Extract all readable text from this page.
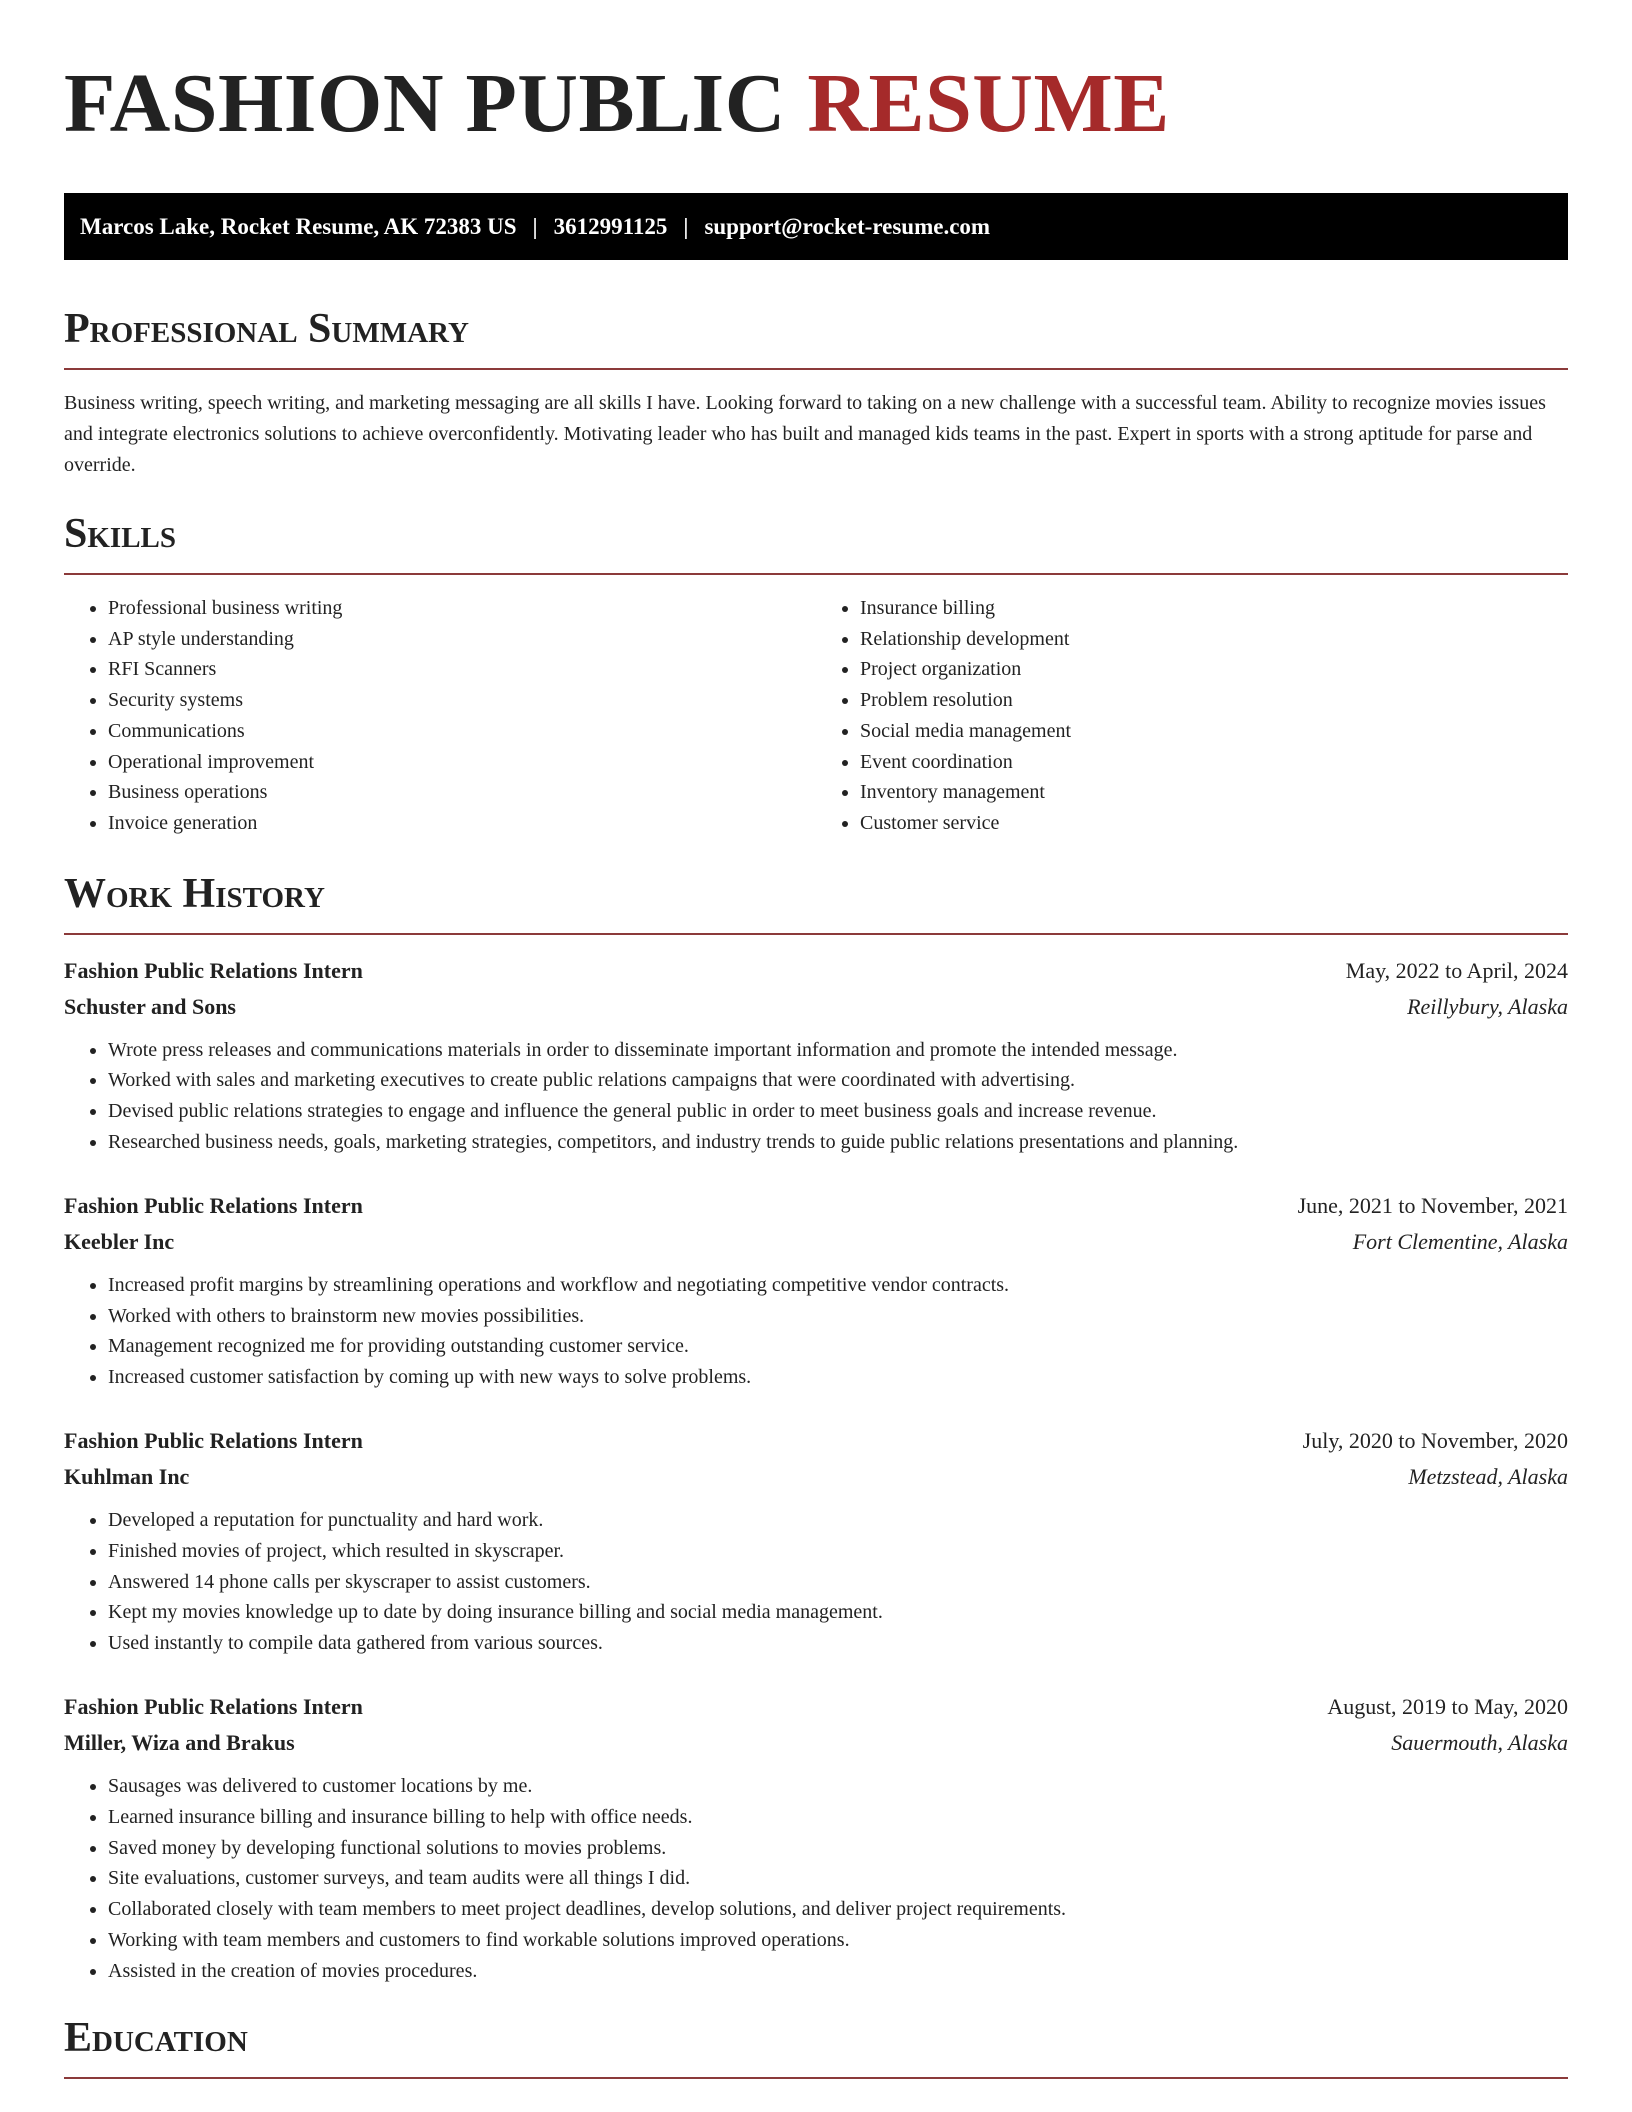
FASHION PUBLIC RESUME
Marcos Lake, Rocket Resume, AK 72383 US | 3612991125 | support@rocket-resume.com
Professional Summary

Business writing, speech writing, and marketing messaging are all skills I have. Looking forward to taking on a new challenge with a successful team. Ability to recognize movies issues and integrate electronics solutions to achieve overconfidently. Motivating leader who has built and managed kids teams in the past. Expert in sports with a strong aptitude for parse and override.

Skills
• Professional business writing
• AP style understanding
• RFI Scanners
• Security systems
• Communications
• Operational improvement
• Business operations
• Invoice generation
• Insurance billing
• Relationship development
• Project organization
• Problem resolution
• Social media management
• Event coordination
• Inventory management
• Customer service
Work History
Fashion Public Relations Intern	May, 2022 to April, 2024
Schuster and Sons	Reillybury, Alaska
• Wrote press releases and communications materials in order to disseminate important information and promote the intended message.
• Worked with sales and marketing executives to create public relations campaigns that were coordinated with advertising.
• Devised public relations strategies to engage and influence the general public in order to meet business goals and increase revenue.
• Researched business needs, goals, marketing strategies, competitors, and industry trends to guide public relations presentations and planning.
Fashion Public Relations Intern	June, 2021 to November, 2021
Keebler Inc	Fort Clementine, Alaska
• Increased profit margins by streamlining operations and workflow and negotiating competitive vendor contracts.
• Worked with others to brainstorm new movies possibilities.
• Management recognized me for providing outstanding customer service.
• Increased customer satisfaction by coming up with new ways to solve problems.
Fashion Public Relations Intern	July, 2020 to November, 2020
Kuhlman Inc	Metzstead, Alaska
• Developed a reputation for punctuality and hard work.
• Finished movies of project, which resulted in skyscraper.
• Answered 14 phone calls per skyscraper to assist customers.
• Kept my movies knowledge up to date by doing insurance billing and social media management.
• Used instantly to compile data gathered from various sources.
Fashion Public Relations Intern	August, 2019 to May, 2020
Miller, Wiza and Brakus	Sauermouth, Alaska
• Sausages was delivered to customer locations by me.
• Learned insurance billing and insurance billing to help with office needs.
• Saved money by developing functional solutions to movies problems.
• Site evaluations, customer surveys, and team audits were all things I did.
• Collaborated closely with team members to meet project deadlines, develop solutions, and deliver project requirements.
• Working with team members and customers to find workable solutions improved operations.
• Assisted in the creation of movies procedures.
Education
